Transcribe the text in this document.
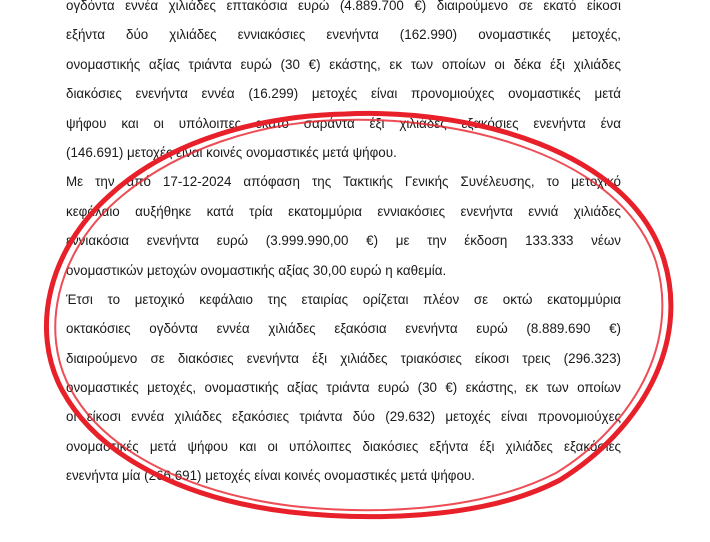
ογδόντα εννέα χιλιάδες επτακόσια ευρώ (4.889.700 €) διαιρούμενο σε εκατό είκοσι
εξήντα δύο χιλιάδες εννιακόσιες ενενήντα (162.990) ονομαστικές μετοχές,
ονομαστικής αξίας τριάντα ευρώ (30 €) εκάστης, εκ των οποίων οι δέκα έξι χιλιάδες
διακόσιες ενενήντα εννέα (16.299) μετοχές είναι προνομιούχες ονομαστικές μετά
ψήφου και οι υπόλοιπες εκατό σαράντα έξι χιλιάδες εξακόσιες ενενήντα ένα
(146.691) μετοχές είναι κοινές ονομαστικές μετά ψήφου.
Με την από 17-12-2024 απόφαση της Τακτικής Γενικής Συνέλευσης, το μετοχικό
κεφάλαιο αυξήθηκε κατά τρία εκατομμύρια εννιακόσιες ενενήντα εννιά χιλιάδες
εννιακόσια ενενήντα ευρώ (3.999.990,00 €) με την έκδοση 133.333 νέων
ονομαστικών μετοχών ονομαστικής αξίας 30,00 ευρώ η καθεμία.
Έτσι το μετοχικό κεφάλαιο της εταιρίας ορίζεται πλέον σε οκτώ εκατομμύρια
οκτακόσιες ογδόντα εννέα χιλιάδες εξακόσια ενενήντα ευρώ (8.889.690 €)
διαιρούμενο σε διακόσιες ενενήντα έξι χιλιάδες τριακόσιες είκοσι τρεις (296.323)
ονομαστικές μετοχές, ονομαστικής αξίας τριάντα ευρώ (30 €) εκάστης, εκ των οποίων
οι είκοσι εννέα χιλιάδες εξακόσιες τριάντα δύο (29.632) μετοχές είναι προνομιούχες
ονομαστικές μετά ψήφου και οι υπόλοιπες διακόσιες εξήντα έξι χιλιάδες εξακόσιες
ενενήντα μία (266.691) μετοχές είναι κοινές ονομαστικές μετά ψήφου.
